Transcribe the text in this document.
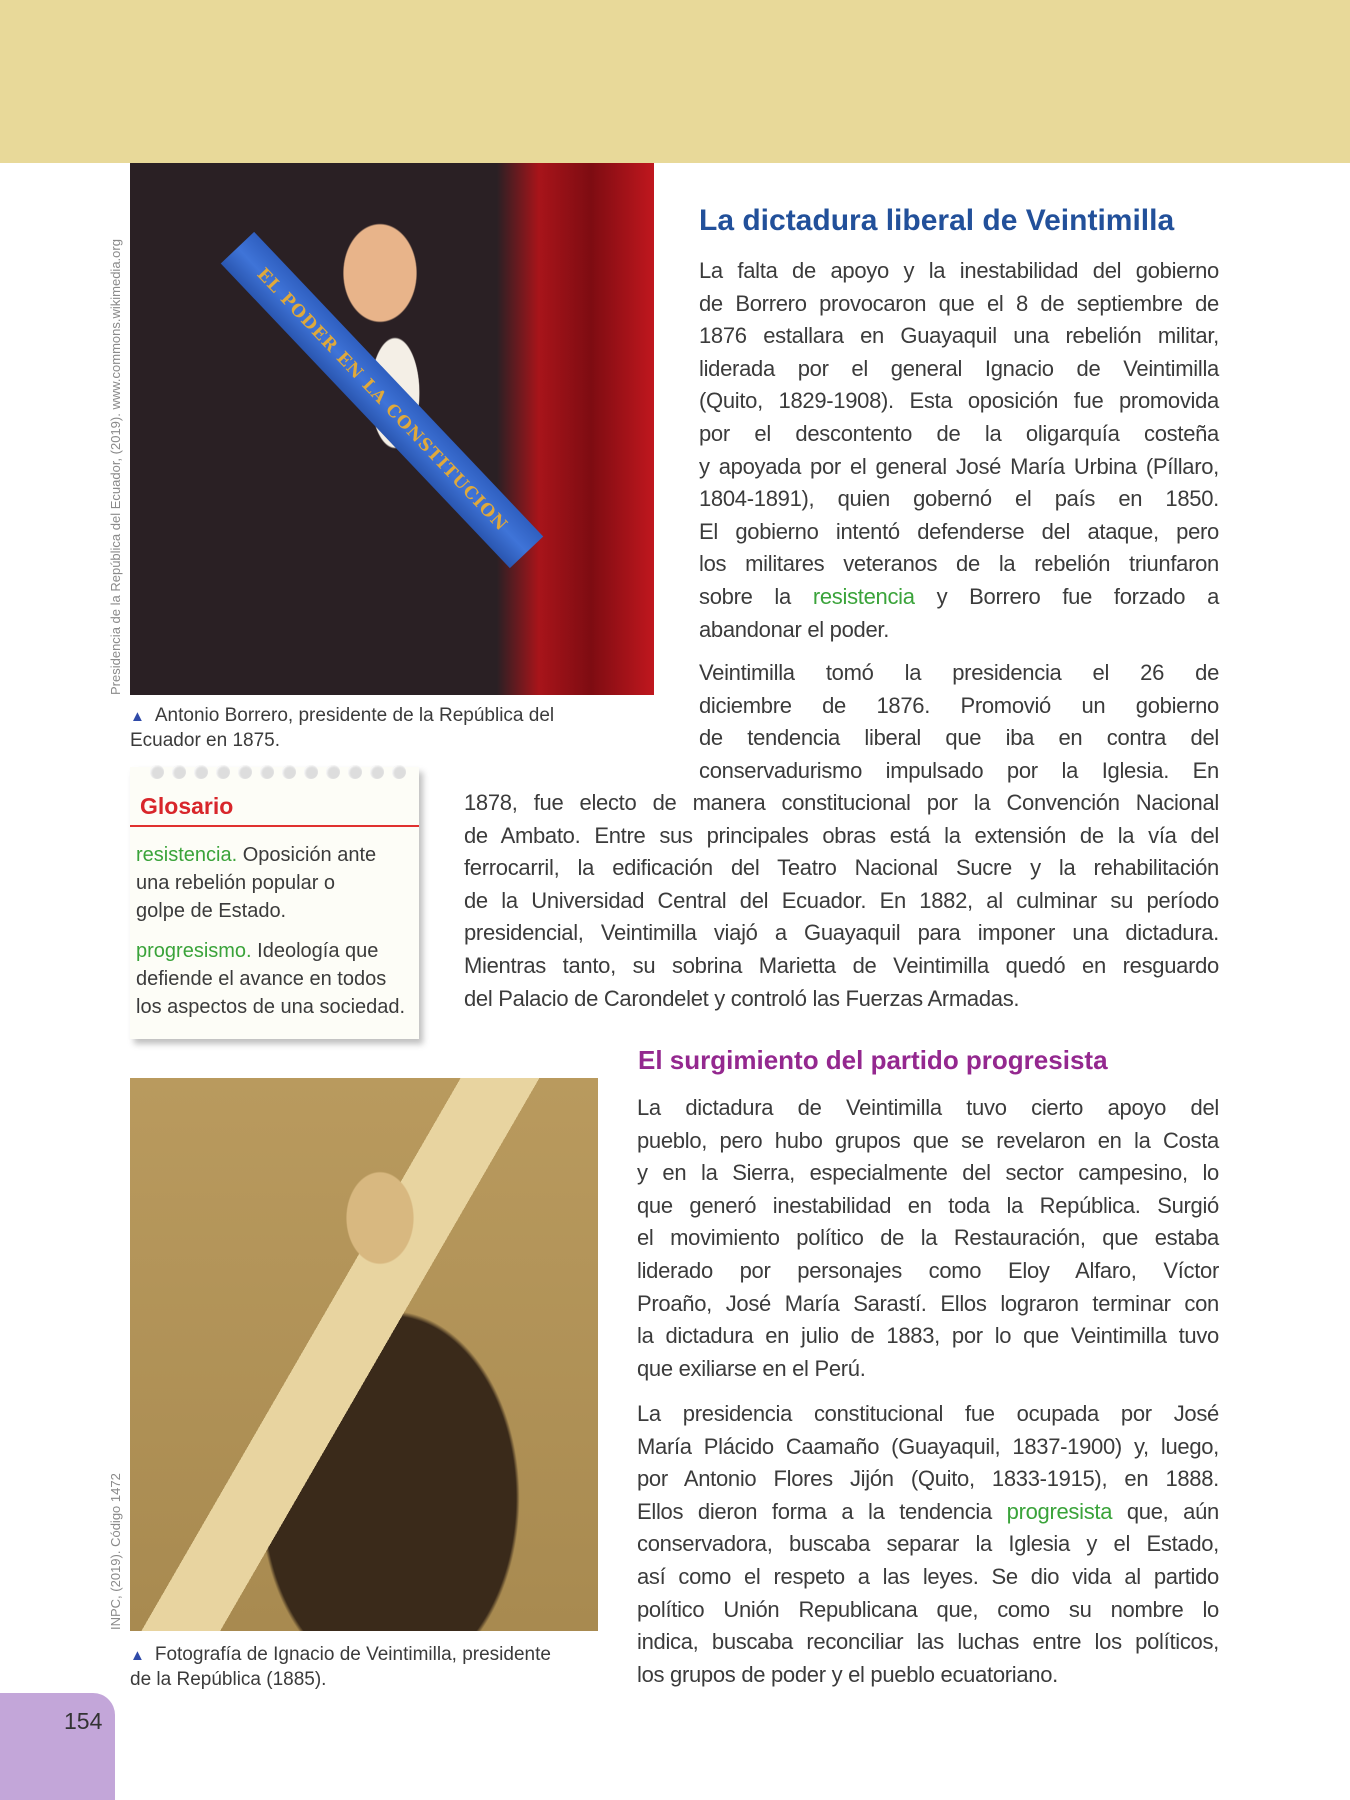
EL PODER EN LA CONSTITUCION
Presidencia de la República del Ecuador, (2019). www.commons.wikimedia.org
▲ Antonio Borrero, presidente de la República del
Ecuador en 1875.
Glosario
resistencia. Oposición ante
una rebelión popular o
golpe de Estado.
progresismo. Ideología que
defiende el avance en todos
los aspectos de una sociedad.
La dictadura liberal de Veintimilla
La falta de apoyo y la inestabilidad del gobierno
de Borrero provocaron que el 8 de septiembre de
1876 estallara en Guayaquil una rebelión militar,
liderada por el general Ignacio de Veintimilla
(Quito, 1829-1908). Esta oposición fue promovida
por el descontento de la oligarquía costeña
y apoyada por el general José María Urbina (Píllaro,
1804-1891), quien gobernó el país en 1850.
El gobierno intentó defenderse del ataque, pero
los militares veteranos de la rebelión triunfaron
sobre la resistencia y Borrero fue forzado a
abandonar el poder.
Veintimilla tomó la presidencia el 26 de
diciembre de 1876. Promovió un gobierno
de tendencia liberal que iba en contra del
conservadurismo impulsado por la Iglesia. En
1878, fue electo de manera constitucional por la Convención Nacional
de Ambato. Entre sus principales obras está la extensión de la vía del
ferrocarril, la edificación del Teatro Nacional Sucre y la rehabilitación
de la Universidad Central del Ecuador. En 1882, al culminar su período
presidencial, Veintimilla viajó a Guayaquil para imponer una dictadura.
Mientras tanto, su sobrina Marietta de Veintimilla quedó en resguardo
del Palacio de Carondelet y controló las Fuerzas Armadas.
El surgimiento del partido progresista
La dictadura de Veintimilla tuvo cierto apoyo del
pueblo, pero hubo grupos que se revelaron en la Costa
y en la Sierra, especialmente del sector campesino, lo
que generó inestabilidad en toda la República. Surgió
el movimiento político de la Restauración, que estaba
liderado por personajes como Eloy Alfaro, Víctor
Proaño, José María Sarastí. Ellos lograron terminar con
la dictadura en julio de 1883, por lo que Veintimilla tuvo
que exiliarse en el Perú.
La presidencia constitucional fue ocupada por José
María Plácido Caamaño (Guayaquil, 1837-1900) y, luego,
por Antonio Flores Jijón (Quito, 1833-1915), en 1888.
Ellos dieron forma a la tendencia progresista que, aún
conservadora, buscaba separar la Iglesia y el Estado,
así como el respeto a las leyes. Se dio vida al partido
político Unión Republicana que, como su nombre lo
indica, buscaba reconciliar las luchas entre los políticos,
los grupos de poder y el pueblo ecuatoriano.
INPC, (2019). Código 1472
▲ Fotografía de Ignacio de Veintimilla, presidente
de la República (1885).
154
